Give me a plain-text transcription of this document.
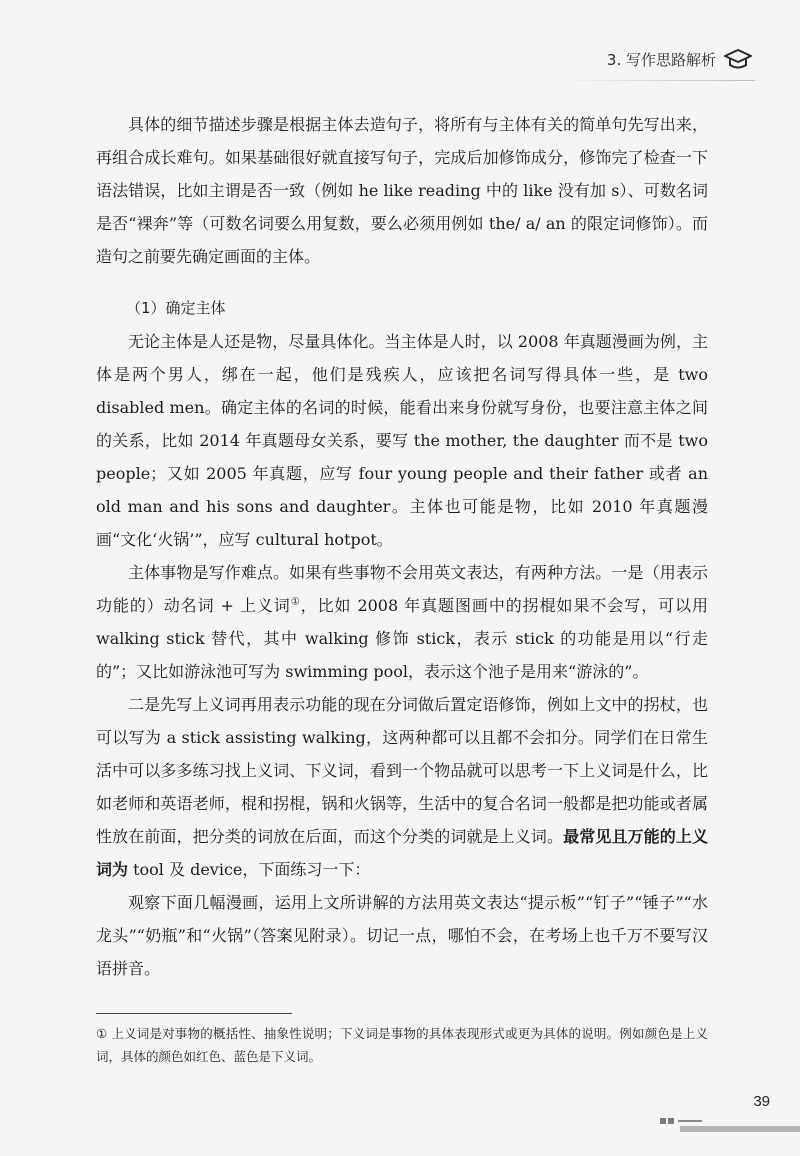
3. 写作思路解析

具体的细节描述步骤是根据主体去造句子，将所有与主体有关的简单句先写出来，再组合成长难句。如果基础很好就直接写句子，完成后加修饰成分，修饰完了检查一下语法错误，比如主谓是否一致（例如 he like reading 中的 like 没有加 s）、可数名词是否“裸奔”等（可数名词要么用复数，要么必须用例如 the/ a/ an 的限定词修饰）。而造句之前要先确定画面的主体。

（1）确定主体

无论主体是人还是物，尽量具体化。当主体是人时，以 2008 年真题漫画为例，主体是两个男人，绑在一起，他们是残疾人，应该把名词写得具体一些，是 two disabled men。确定主体的名词的时候，能看出来身份就写身份，也要注意主体之间的关系，比如 2014 年真题母女关系，要写 the mother, the daughter 而不是 two people；又如 2005 年真题，应写 four young people and their father 或者 an old man and his sons and daughter。主体也可能是物，比如 2010 年真题漫画“文化‘火锅’”，应写 cultural hotpot。

主体事物是写作难点。如果有些事物不会用英文表达，有两种方法。一是（用表示功能的）动名词 + 上义词①，比如 2008 年真题图画中的拐棍如果不会写，可以用 walking stick 替代，其中 walking 修饰 stick，表示 stick 的功能是用以“行走的”；又比如游泳池可写为 swimming pool，表示这个池子是用来“游泳的”。

二是先写上义词再用表示功能的现在分词做后置定语修饰，例如上文中的拐杖，也可以写为 a stick assisting walking，这两种都可以且都不会扣分。同学们在日常生活中可以多多练习找上义词、下义词，看到一个物品就可以思考一下上义词是什么，比如老师和英语老师，棍和拐棍，锅和火锅等，生活中的复合名词一般都是把功能或者属性放在前面，把分类的词放在后面，而这个分类的词就是上义词。最常见且万能的上义词为 tool 及 device，下面练习一下：

观察下面几幅漫画，运用上文所讲解的方法用英文表达“提示板”“钉子”“锤子”“水龙头”“奶瓶”和“火锅”（答案见附录）。切记一点，哪怕不会，在考场上也千万不要写汉语拼音。

① 上义词是对事物的概括性、抽象性说明；下义词是事物的具体表现形式或更为具体的说明。例如颜色是上义词，具体的颜色如红色、蓝色是下义词。
39
